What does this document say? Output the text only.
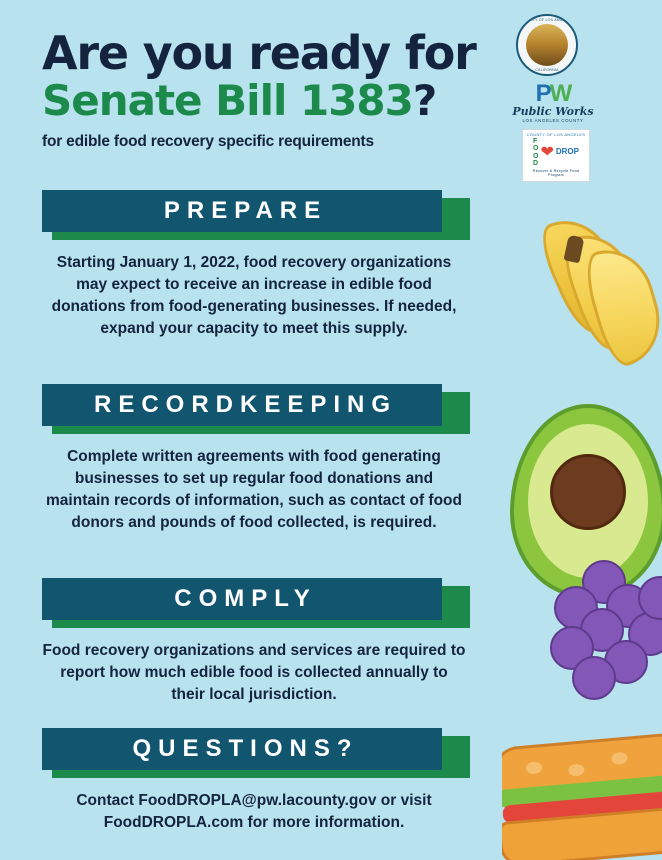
COUNTY OF LOS ANGELES
CALIFORNIA
PW
Public Works
LOS ANGELES COUNTY
COUNTY OF LOS ANGELES
F
O
O
D
❤ DROP
Recover & Recycle Food Program
Are you ready for
Senate Bill 1383?
for edible food recovery specific requirements
PREPARE
Starting January 1, 2022, food recovery organizations may expect to receive an increase in edible food donations from food-generating businesses. If needed, expand your capacity to meet this supply.
RECORDKEEPING
Complete written agreements with food generating businesses to set up regular food donations and maintain records of information, such as contact of food donors and pounds of food collected, is required.
COMPLY
Food recovery organizations and services are required to report how much edible food is collected annually to their local jurisdiction.
QUESTIONS?
Contact FoodDROPLA@pw.lacounty.gov or visit FoodDROPLA.com for more information.
